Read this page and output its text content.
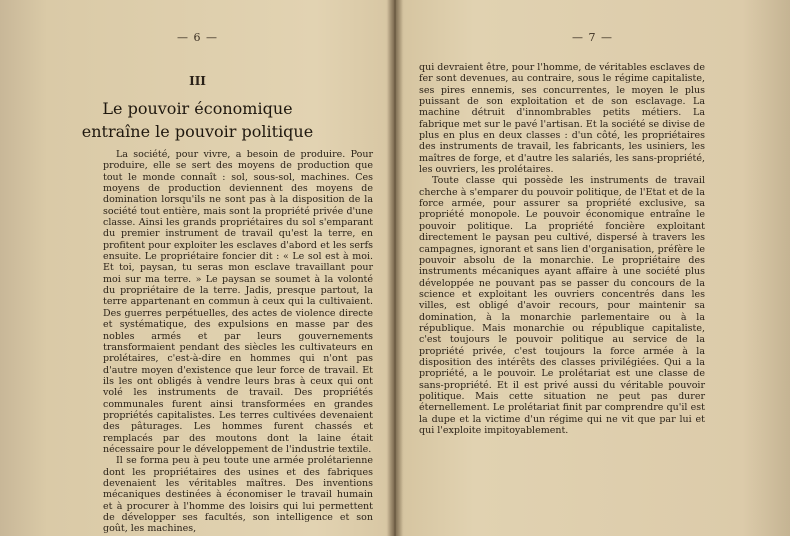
— 6 —
III
Le pouvoir économique
entraîne le pouvoir politique

La société, pour vivre, a besoin de produire. Pour produire, elle se sert des moyens de production que tout le monde connaît : sol, sous-sol, machines. Ces moyens de production deviennent des moyens de domination lorsqu'ils ne sont pas à la disposition de la société tout entière, mais sont la propriété privée d'une classe. Ainsi les grands propriétaires du sol s'emparant du premier instrument de travail qu'est la terre, en profitent pour exploiter les esclaves d'abord et les serfs ensuite. Le propriétaire foncier dit : « Le sol est à moi. Et toi, paysan, tu seras mon esclave travaillant pour moi sur ma terre. » Le paysan se soumet à la volonté du propriétaire de la terre. Jadis, presque partout, la terre appartenant en commun à ceux qui la cultivaient. Des guerres perpétuelles, des actes de violence directe et systématique, des expulsions en masse par des nobles armés et par leurs gouvernements transformaient pendant des siècles les cultivateurs en prolétaires, c'est-à-dire en hommes qui n'ont pas d'autre moyen d'existence que leur force de travail. Et ils les ont obligés à vendre leurs bras à ceux qui ont volé les instruments de travail. Des propriétés communales furent ainsi transformées en grandes propriétés capitalistes. Les terres cultivées devenaient des pâturages. Les hommes furent chassés et remplacés par des moutons dont la laine était nécessaire pour le développement de l'industrie textile.

Il se forma peu à peu toute une armée prolétarienne dont les propriétaires des usines et des fabriques devenaient les véritables maîtres. Des inventions mécaniques destinées à économiser le travail humain et à procurer à l'homme des loisirs qui lui permettent de développer ses facultés, son intelligence et son goût, les machines,

— 7 —

qui devraient être, pour l'homme, de véritables esclaves de fer sont devenues, au contraire, sous le régime capitaliste, ses pires ennemis, ses concurrentes, le moyen le plus puissant de son exploitation et de son esclavage. La machine détruit d'innombrables petits métiers. La fabrique met sur le pavé l'artisan. Et la société se divise de plus en plus en deux classes : d'un côté, les propriétaires des instruments de travail, les fabricants, les usiniers, les maîtres de forge, et d'autre les salariés, les sans-propriété, les ouvriers, les prolétaires.

Toute classe qui possède les instruments de travail cherche à s'emparer du pouvoir politique, de l'Etat et de la force armée, pour assurer sa propriété exclusive, sa propriété monopole. Le pouvoir économique entraîne le pouvoir politique. La propriété foncière exploitant directement le paysan peu cultivé, dispersé à travers les campagnes, ignorant et sans lien d'organisation, préfère le pouvoir absolu de la monarchie. Le propriétaire des instruments mécaniques ayant affaire à une société plus développée ne pouvant pas se passer du concours de la science et exploitant les ouvriers concentrés dans les villes, est obligé d'avoir recours, pour maintenir sa domination, à la monarchie parlementaire ou à la république. Mais monarchie ou république capitaliste, c'est toujours le pouvoir politique au service de la propriété privée, c'est toujours la force armée à la disposition des intérêts des classes privilégiées. Qui a la propriété, a le pouvoir. Le prolétariat est une classe de sans-propriété. Et il est privé aussi du véritable pouvoir politique. Mais cette situation ne peut pas durer éternellement. Le prolétariat finit par comprendre qu'il est la dupe et la victime d'un régime qui ne vit que par lui et qui l'exploite impitoyablement.
